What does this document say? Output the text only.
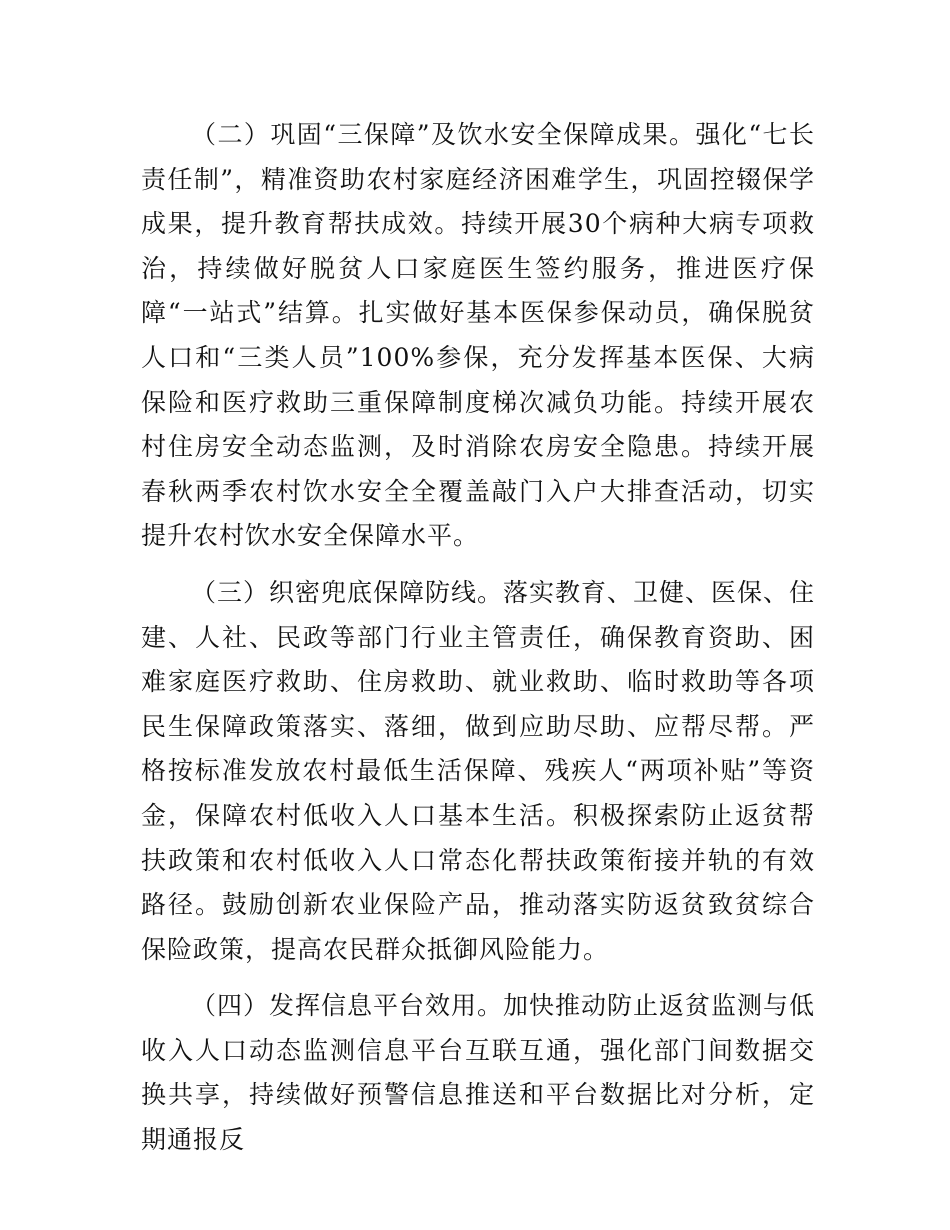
（二）巩固“三保障”及饮水安全保障成果。强化“七长责任制”，精准资助农村家庭经济困难学生，巩固控辍保学成果，提升教育帮扶成效。持续开展30个病种大病专项救治，持续做好脱贫人口家庭医生签约服务，推进医疗保障“一站式”结算。扎实做好基本医保参保动员，确保脱贫人口和“三类人员”100%参保，充分发挥基本医保、大病保险和医疗救助三重保障制度梯次减负功能。持续开展农村住房安全动态监测，及时消除农房安全隐患。持续开展春秋两季农村饮水安全全覆盖敲门入户大排查活动，切实提升农村饮水安全保障水平。

（三）织密兜底保障防线。落实教育、卫健、医保、住建、人社、民政等部门行业主管责任，确保教育资助、困难家庭医疗救助、住房救助、就业救助、临时救助等各项民生保障政策落实、落细，做到应助尽助、应帮尽帮。严格按标准发放农村最低生活保障、残疾人“两项补贴”等资金，保障农村低收入人口基本生活。积极探索防止返贫帮扶政策和农村低收入人口常态化帮扶政策衔接并轨的有效路径。鼓励创新农业保险产品，推动落实防返贫致贫综合保险政策，提高农民群众抵御风险能力。

（四）发挥信息平台效用。加快推动防止返贫监测与低收入人口动态监测信息平台互联互通，强化部门间数据交换共享，持续做好预警信息推送和平台数据比对分析，定期通报反
